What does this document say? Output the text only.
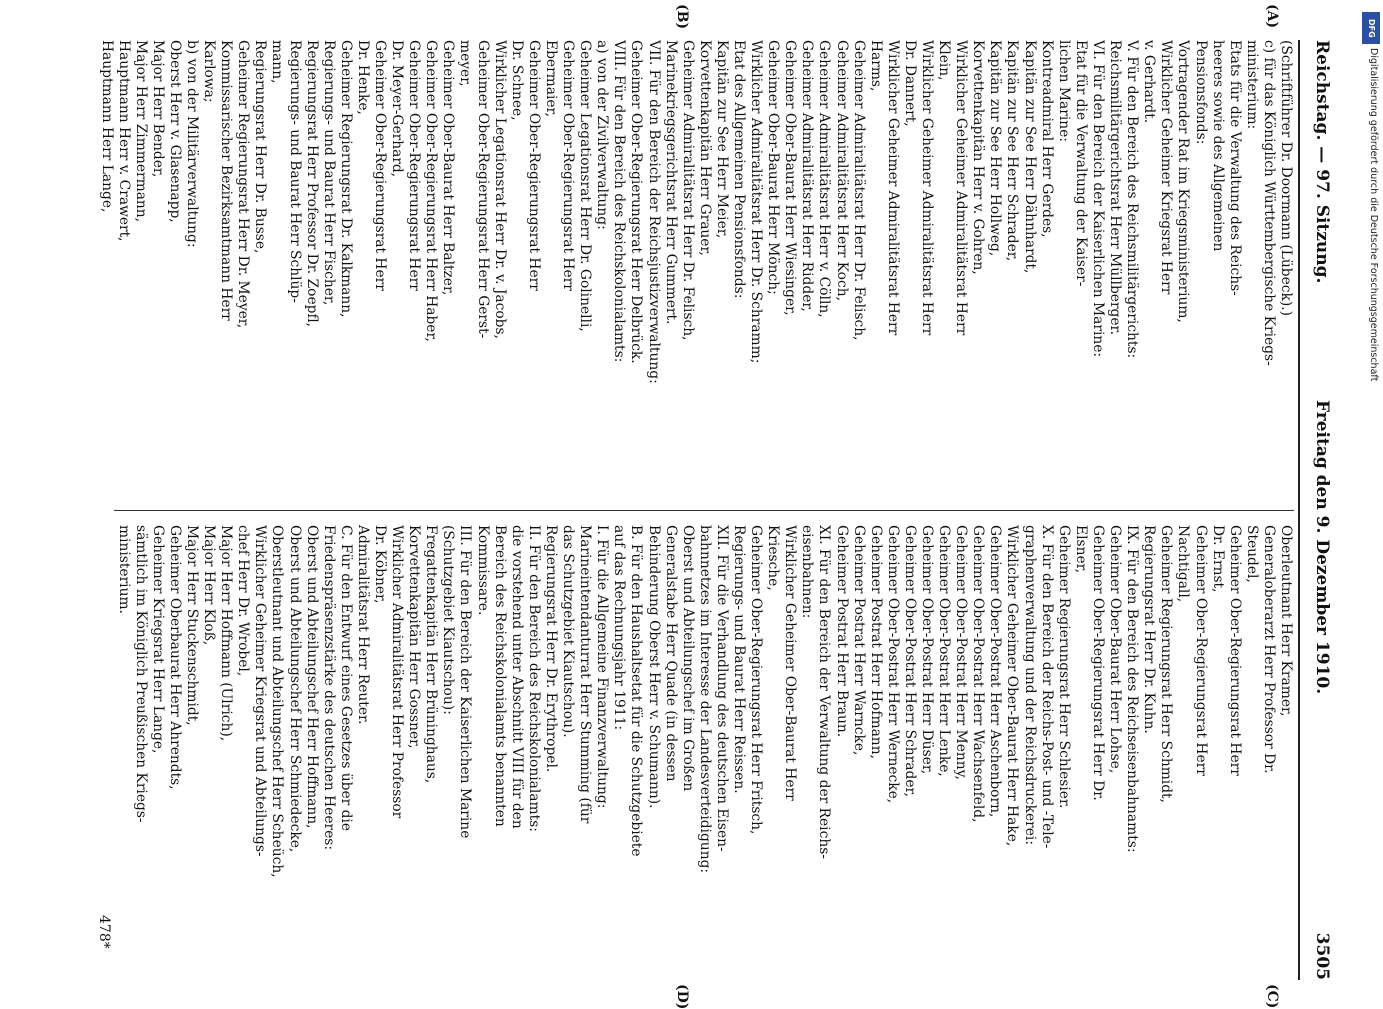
Reichstag. — 97. Sitzung.
Freitag den 9. Dezember 1910.
3505
(Schriftführer Dr. Doormann (Lübeck).)
c) für das Königlich Württembergische Kriegs-
ministerium:
Etats für die Verwaltung des Reichs-
heeres sowie des Allgemeinen
Pensionsfonds:
Vortragender Rat im Kriegsministerium,
Wirklicher Geheimer Kriegsrat Herr
v. Gerhardt.
V. Für den Bereich des Reichsmilitärgerichts:
Reichsmilitärgerichtsrat Herr Müllberger.
VI. Für den Bereich der Kaiserlichen Marine:
Etat für die Verwaltung der Kaiser-
lichen Marine:
Kontreadmiral Herr Gerdes,
Kapitän zur See Herr Dähnhardt,
Kapitän zur See Herr Schrader,
Kapitän zur See Herr Hollweg,
Korvettenkapitän Herr v. Gohren,
Wirklicher Geheimer Admiralitätsrat Herr
Klein,
Wirklicher Geheimer Admiralitätsrat Herr
Dr. Dannert,
Wirklicher Geheimer Admiralitätsrat Herr
Harms,
Geheimer Admiralitätsrat Herr Dr. Felisch,
Geheimer Admiralitätsrat Herr Koch,
Geheimer Admiralitätsrat Herr v. Cölln,
Geheimer Admiralitätsrat Herr Ridder,
Geheimer Ober-Baurat Herr Wiesinger,
Geheimer Ober-Baurat Herr Mönch;
Wirklicher Admiralitätsrat Herr Dr. Schramm;
Etat des Allgemeinen Pensionsfonds:
Kapitän zur See Herr Meier,
Korvettenkapitän Herr Grauer,
Geheimer Admiralitätsrat Herr Dr. Felisch,
Marinekriegsgerichtsrat Herr Gummert.
VII. Für den Bereich der Reichsjustizverwaltung:
Geheimer Ober-Regierungsrat Herr Delbrück.
VIII. Für den Bereich des Reichskolonialamts:
a) von der Zivilverwaltung:
Geheimer Legationsrat Herr Dr. Golinelli,
Geheimer Ober-Regierungsrat Herr
Ebermaier,
Geheimer Ober-Regierungsrat Herr
Dr. Schnee,
Wirklicher Legationsrat Herr Dr. v. Jacobs,
Geheimer Ober-Regierungsrat Herr Gerst-
meyer,
Geheimer Ober-Baurat Herr Baltzer,
Geheimer Ober-Regierungsrat Herr Haber,
Geheimer Ober-Regierungsrat Herr
Dr. Meyer-Gerhard,
Geheimer Ober-Regierungsrat Herr
Dr. Henke,
Geheimer Regierungsrat Dr. Kalkmann,
Regierungs- und Baurat Herr Fischer,
Regierungsrat Herr Professor Dr. Zoepfl,
Regierungs- und Baurat Herr Schlüp-
mann,
Regierungsrat Herr Dr. Busse,
Geheimer Regierungsrat Herr Dr. Meyer,
Kommissarischer Bezirksamtmann Herr
Karlowa;
b) von der Militärverwaltung:
Oberst Herr v. Glasenapp,
Major Herr Bender,
Major Herr Zimmermann,
Hauptmann Herr v. Crawert,
Hauptmann Herr Lange,
Oberleutnant Herr Kramer,
Generaloberarzt Herr Professor Dr.
Steudel,
Geheimer Ober-Regierungsrat Herr
Dr. Ernst,
Geheimer Ober-Regierungsrat Herr
Nachtigall,
Geheimer Regierungsrat Herr Schmidt,
Regierungsrat Herr Dr. Kuhn.
IX. Für den Bereich des Reichseisenbahnamts:
Geheimer Ober-Baurat Herr Lohse,
Geheimer Ober-Regierungsrat Herr Dr.
Elsner,
Geheimer Regierungsrat Herr Schlesier.
X. Für den Bereich der Reichs-Post- und -Tele-
graphenverwaltung und der Reichsdruckerei:
Wirklicher Geheimer Ober-Baurat Herr Hake,
Geheimer Ober-Postrat Herr Aschenborn,
Geheimer Ober-Postrat Herr Wachsenfeld,
Geheimer Ober-Postrat Herr Menny,
Geheimer Ober-Postrat Herr Lenke,
Geheimer Ober-Postrat Herr Düser,
Geheimer Ober-Postrat Herr Schrader,
Geheimer Ober-Postrat Herr Wernecke,
Geheimer Postrat Herr Hofmann,
Geheimer Postrat Herr Warncke,
Geheimer Postrat Herr Braun.
XI. Für den Bereich der Verwaltung der Reichs-
eisenbahnen:
Wirklicher Geheimer Ober-Baurat Herr
Kriesche,
Geheimer Ober-Regierungsrat Herr Fritsch,
Regierungs- und Baurat Herr Reissen.
XII. Für die Verhandlung des deutschen Eisen-
bahnnetzes im Interesse der Landesverteidigung:
Oberst und Abteilungschef im Großen
Generalstabe Herr Quade (in dessen
Behinderung Oberst Herr v. Schumann).
B. Für den Haushaltsetat für die Schutzgebiete
auf das Rechnungsjahr 1911:
I. Für die Allgemeine Finanzverwaltung:
Marineintendanturrat Herr Stumming (für
das Schutzgebiet Kiautschou).
Regierungsrat Herr Dr. Erythropel.
II. Für den Bereich des Reichskolonialamts:
die vorstehend unter Abschnitt VIII für den
Bereich des Reichskolonialamts benannten
Kommissare.
III. Für den Bereich der Kaiserlichen Marine
(Schutzgebiet Kiautschou):
Fregattenkapitän Herr Brüninghaus,
Korvettenkapitän Herr Gossner,
Wirklicher Admiralitätsrat Herr Professor
Dr. Köbner,
Admiralitätsrat Herr Reuter.
C. Für den Entwurf eines Gesetzes über die
Friedenspräsenzstärke des deutschen Heeres:
Oberst und Abteilungschef Herr Hoffmann,
Oberst und Abteilungschef Herr Schmiedecke,
Oberstleutnant und Abteilungschef Herr Scheüch,
Wirklicher Geheimer Kriegsrat und Abteilungs-
chef Herr Dr. Wrobel,
Major Herr Hoffmann (Ulrich),
Major Herr Kloß,
Major Herr Stuckenschmidt,
Geheimer Oberbaurat Herr Ahrendts,
Geheimer Kriegsrat Herr Lange,
sämtlich im Königlich Preußischen Kriegs-
ministerium.
(A)
(B)
(C)
(D)
478*
DFG
Digitalisierung gefördert durch die Deutsche Forschungsgemeinschaft
